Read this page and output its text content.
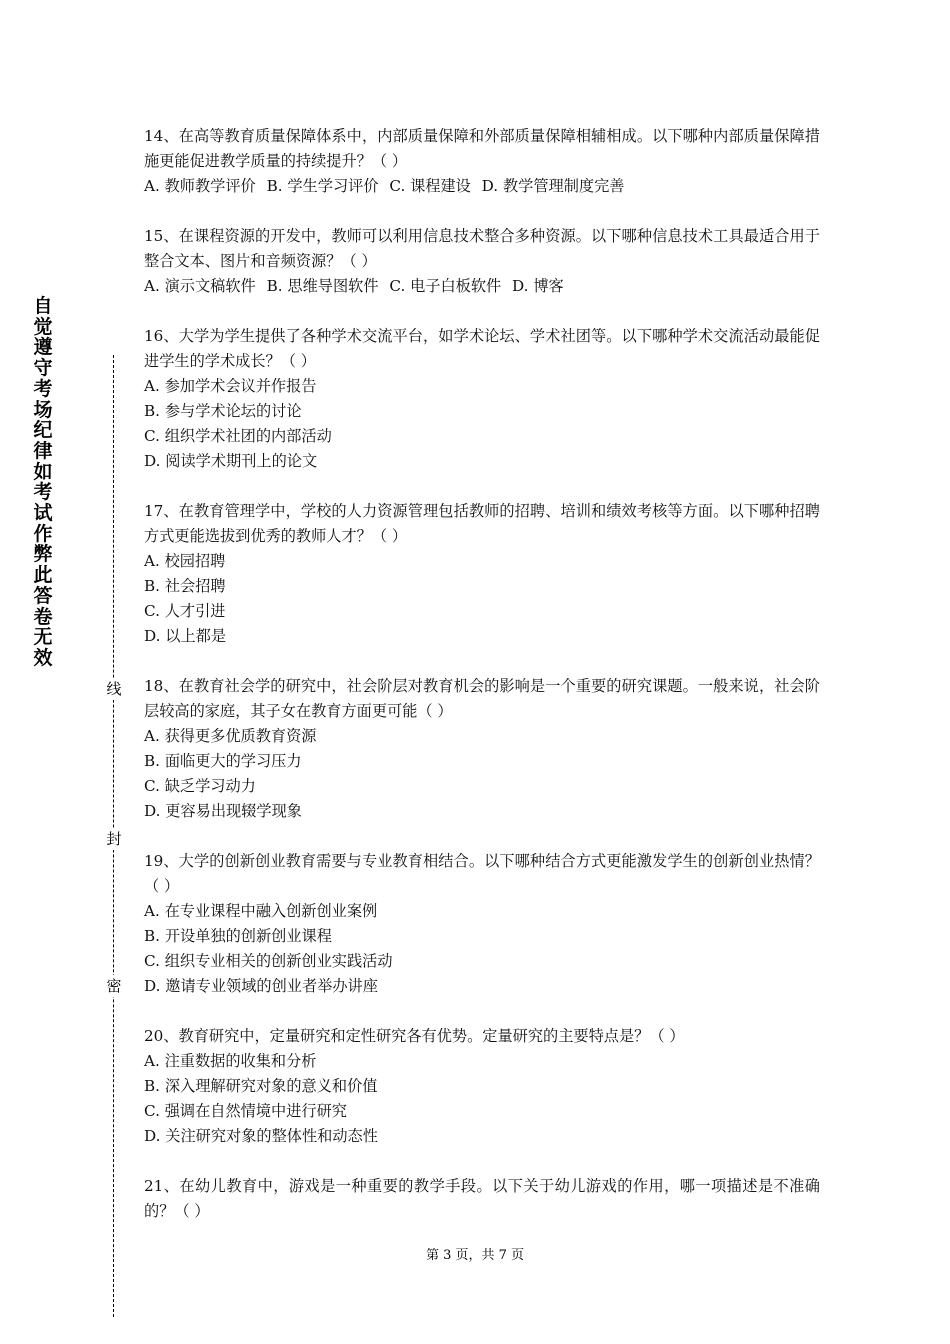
自
觉
遵
守
考
场
纪
律
如
考
试
作
弊
此
答
卷
无
效
线
封
密

14、在高等教育质量保障体系中，内部质量保障和外部质量保障相辅相成。以下哪种内部质量保障措施更能促进教学质量的持续提升？（ ）

A. 教师教学评价 B. 学生学习评价 C. 课程建设 D. 教学管理制度完善

15、在课程资源的开发中，教师可以利用信息技术整合多种资源。以下哪种信息技术工具最适合用于整合文本、图片和音频资源？（ ）

A. 演示文稿软件 B. 思维导图软件 C. 电子白板软件 D. 博客

16、大学为学生提供了各种学术交流平台，如学术论坛、学术社团等。以下哪种学术交流活动最能促进学生的学术成长？（ ）

A. 参加学术会议并作报告

B. 参与学术论坛的讨论

C. 组织学术社团的内部活动

D. 阅读学术期刊上的论文

17、在教育管理学中，学校的人力资源管理包括教师的招聘、培训和绩效考核等方面。以下哪种招聘方式更能选拔到优秀的教师人才？（ ）

A. 校园招聘

B. 社会招聘

C. 人才引进

D. 以上都是

18、在教育社会学的研究中，社会阶层对教育机会的影响是一个重要的研究课题。一般来说，社会阶层较高的家庭，其子女在教育方面更可能（ ）

A. 获得更多优质教育资源

B. 面临更大的学习压力

C. 缺乏学习动力

D. 更容易出现辍学现象

19、大学的创新创业教育需要与专业教育相结合。以下哪种结合方式更能激发学生的创新创业热情？（ ）

A. 在专业课程中融入创新创业案例

B. 开设单独的创新创业课程

C. 组织专业相关的创新创业实践活动

D. 邀请专业领域的创业者举办讲座

20、教育研究中，定量研究和定性研究各有优势。定量研究的主要特点是？（ ）

A. 注重数据的收集和分析

B. 深入理解研究对象的意义和价值

C. 强调在自然情境中进行研究

D. 关注研究对象的整体性和动态性

21、在幼儿教育中，游戏是一种重要的教学手段。以下关于幼儿游戏的作用，哪一项描述是不准确的？（ ）

第 3 页，共 7 页
